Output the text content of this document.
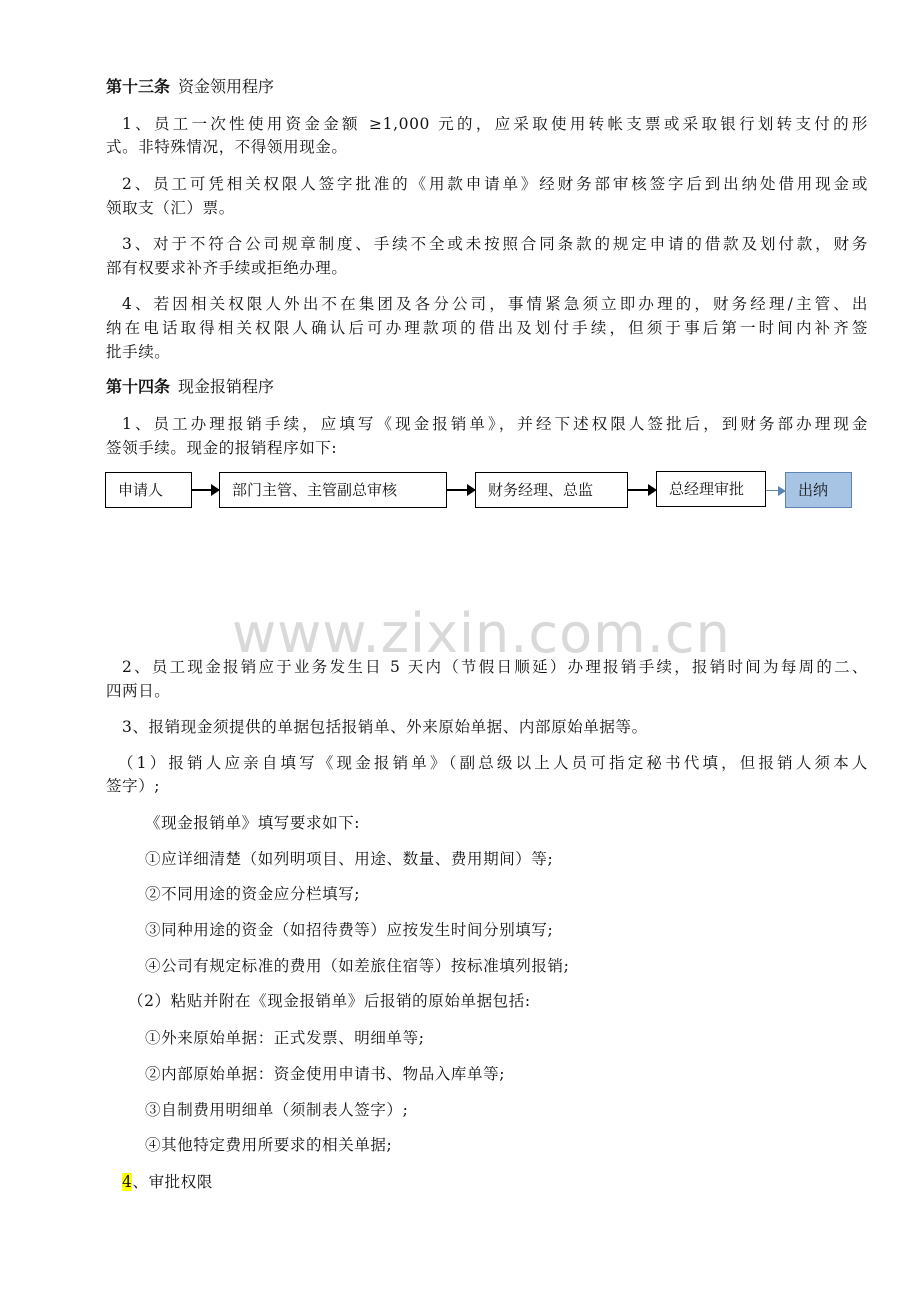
第十三条 资金领用程序
1、员工一次性使用资金金额 ≥1,000 元的，应采取使用转帐支票或采取银行划转支付的形
式。非特殊情况，不得领用现金。
2、员工可凭相关权限人签字批准的《用款申请单》经财务部审核签字后到出纳处借用现金或
领取支（汇）票。
3、对于不符合公司规章制度、手续不全或未按照合同条款的规定申请的借款及划付款，财务
部有权要求补齐手续或拒绝办理。
4、若因相关权限人外出不在集团及各分公司，事情紧急须立即办理的，财务经理/主管、出
纳在电话取得相关权限人确认后可办理款项的借出及划付手续，但须于事后第一时间内补齐签
批手续。
第十四条 现金报销程序
1、员工办理报销手续，应填写《现金报销单》，并经下述权限人签批后，到财务部办理现金
签领手续。现金的报销程序如下:
申请人	部门主管、主管副总审核	财务经理、总监	总经理审批	出纳
www.zixin.com.cn
2、员工现金报销应于业务发生日 5 天内（节假日顺延）办理报销手续，报销时间为每周的二、
四两日。
3、报销现金须提供的单据包括报销单、外来原始单据、内部原始单据等。
（1）报销人应亲自填写《现金报销单》（副总级以上人员可指定秘书代填，但报销人须本人
签字）;
《现金报销单》填写要求如下:
①应详细清楚（如列明项目、用途、数量、费用期间）等;
②不同用途的资金应分栏填写;
③同种用途的资金（如招待费等）应按发生时间分别填写;
④公司有规定标准的费用（如差旅住宿等）按标准填列报销;
（2）粘贴并附在《现金报销单》后报销的原始单据包括:
①外来原始单据：正式发票、明细单等;
②内部原始单据：资金使用申请书、物品入库单等;
③自制费用明细单（须制表人签字）;
④其他特定费用所要求的相关单据;
4、审批权限
